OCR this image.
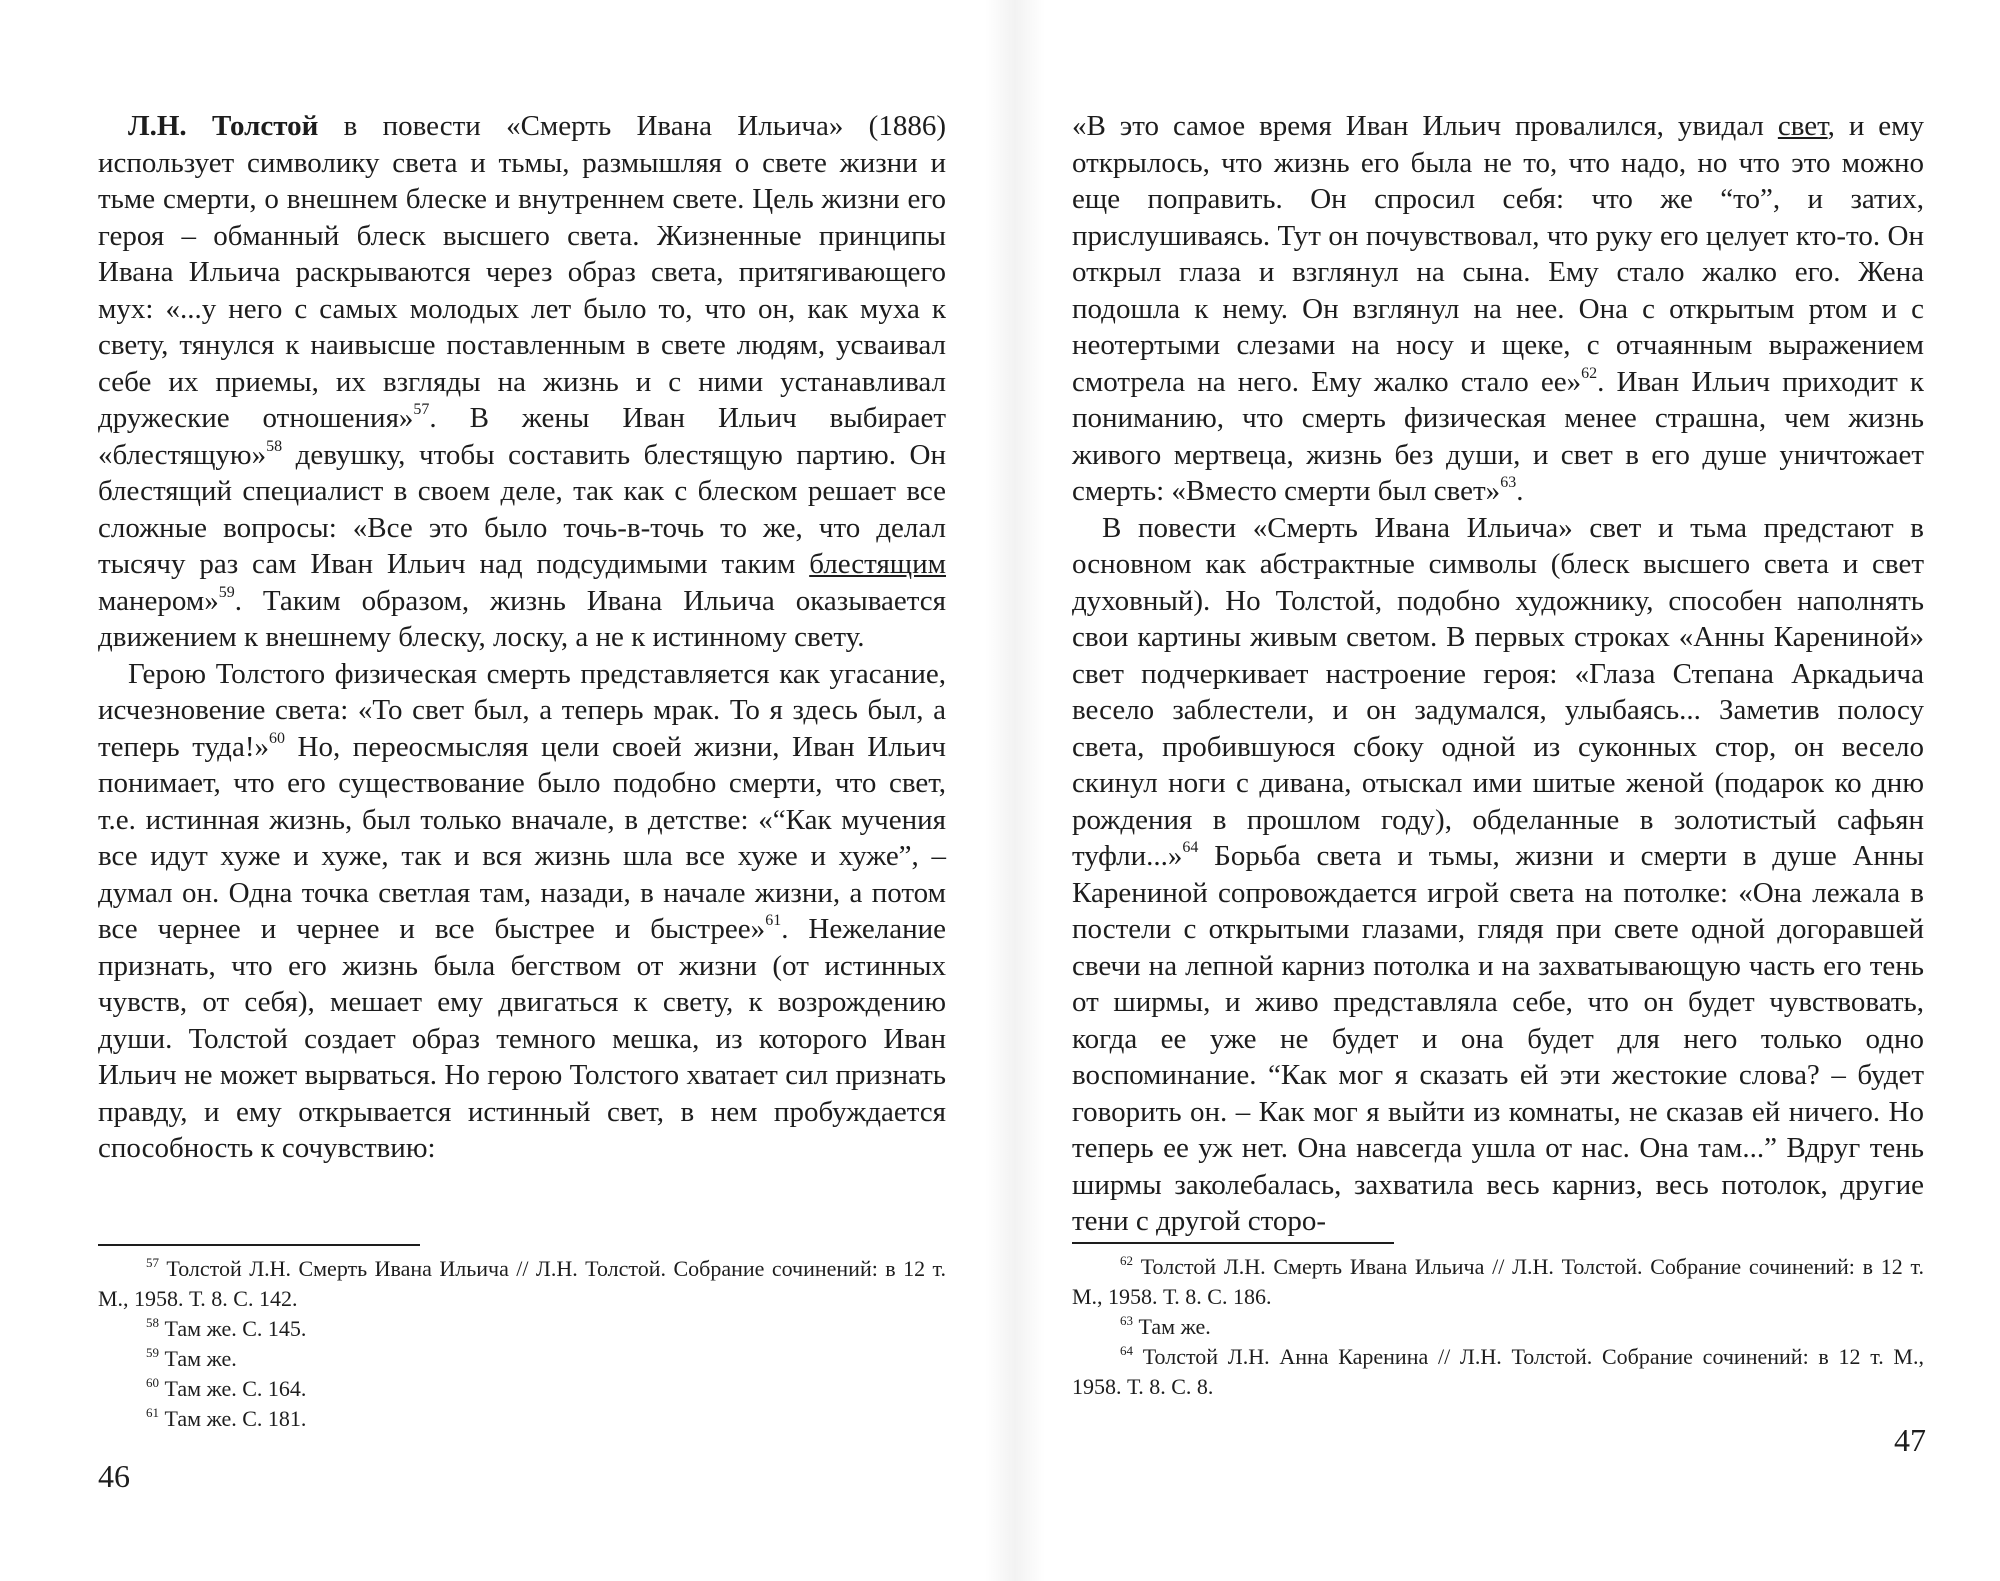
Л.Н. Толстой в повести «Смерть Ивана Ильича» (1886) использует символику света и тьмы, размышляя о свете жизни и тьме смерти, о внешнем блеске и внутреннем свете. Цель жизни его героя – обманный блеск высшего света. Жизненные принципы Ивана Ильича раскрываются через образ света, притягивающего мух: «...у него с самых молодых лет было то, что он, как муха к свету, тянулся к наивысше поставленным в свете людям, усваивал себе их приемы, их взгляды на жизнь и с ними устанавливал дружеские отношения»$^{57}$. В жены Иван Ильич выбирает «блестящую»$^{58}$ девушку, чтобы составить блестящую партию. Он блестящий специалист в своем деле, так как с блеском решает все сложные вопросы: «Все это было точь-в-точь то же, что делал тысячу раз сам Иван Ильич над подсудимыми таким блестящим манером»$^{59}$. Таким образом, жизнь Ивана Ильича оказывается движением к внешнему блеску, лоску, а не к истинному свету.

Герою Толстого физическая смерть представляется как угасание, исчезновение света: «То свет был, а теперь мрак. То я здесь был, а теперь туда!»$^{60}$ Но, переосмысляя цели своей жизни, Иван Ильич понимает, что его существование было подобно смерти, что свет, т.е. истинная жизнь, был только вначале, в детстве: «“Как мучения все идут хуже и хуже, так и вся жизнь шла все хуже и хуже”, – думал он. Одна точка светлая там, назади, в начале жизни, а потом все чернее и чернее и все быстрее и быстрее»$^{61}$. Нежелание признать, что его жизнь была бегством от жизни (от истинных чувств, от себя), мешает ему двигаться к свету, к возрождению души. Толстой создает образ темного мешка, из которого Иван Ильич не может вырваться. Но герою Толстого хватает сил признать правду, и ему открывается истинный свет, в нем пробуждается способность к сочувствию:

$^{57}$ Толстой Л.Н. Смерть Ивана Ильича // Л.Н. Толстой. Собрание сочинений: в 12 т. М., 1958. Т. 8. С. 142.

$^{58}$ Там же. С. 145.

$^{59}$ Там же.

$^{60}$ Там же. С. 164.

$^{61}$ Там же. С. 181.

46

«В это самое время Иван Ильич провалился, увидал свет, и ему открылось, что жизнь его была не то, что надо, но что это можно еще поправить. Он спросил себя: что же “то”, и затих, прислушиваясь. Тут он почувствовал, что руку его целует кто-то. Он открыл глаза и взглянул на сына. Ему стало жалко его. Жена подошла к нему. Он взглянул на нее. Она с открытым ртом и с неотертыми слезами на носу и щеке, с отчаянным выражением смотрела на него. Ему жалко стало ее»$^{62}$. Иван Ильич приходит к пониманию, что смерть физическая менее страшна, чем жизнь живого мертвеца, жизнь без души, и свет в его душе уничтожает смерть: «Вместо смерти был свет»$^{63}$.

В повести «Смерть Ивана Ильича» свет и тьма предстают в основном как абстрактные символы (блеск высшего света и свет духовный). Но Толстой, подобно художнику, способен наполнять свои картины живым светом. В первых строках «Анны Карениной» свет подчеркивает настроение героя: «Глаза Степана Аркадьича весело заблестели, и он задумался, улыбаясь... Заметив полосу света, пробившуюся сбоку одной из суконных стор, он весело скинул ноги с дивана, отыскал ими шитые женой (подарок ко дню рождения в прошлом году), обделанные в золотистый сафьян туфли...»$^{64}$ Борьба света и тьмы, жизни и смерти в душе Анны Карениной сопровождается игрой света на потолке: «Она лежала в постели с открытыми глазами, глядя при свете одной догоравшей свечи на лепной карниз потолка и на захватывающую часть его тень от ширмы, и живо представляла себе, что он будет чувствовать, когда ее уже не будет и она будет для него только одно воспоминание. “Как мог я сказать ей эти жестокие слова? – будет говорить он. – Как мог я выйти из комнаты, не сказав ей ничего. Но теперь ее уж нет. Она навсегда ушла от нас. Она там...” Вдруг тень ширмы заколебалась, захватила весь карниз, весь потолок, другие тени с другой сторо-

$^{62}$ Толстой Л.Н. Смерть Ивана Ильича // Л.Н. Толстой. Собрание сочинений: в 12 т. М., 1958. Т. 8. С. 186.

$^{63}$ Там же.

$^{64}$ Толстой Л.Н. Анна Каренина // Л.Н. Толстой. Собрание сочинений: в 12 т. М., 1958. Т. 8. С. 8.

47
